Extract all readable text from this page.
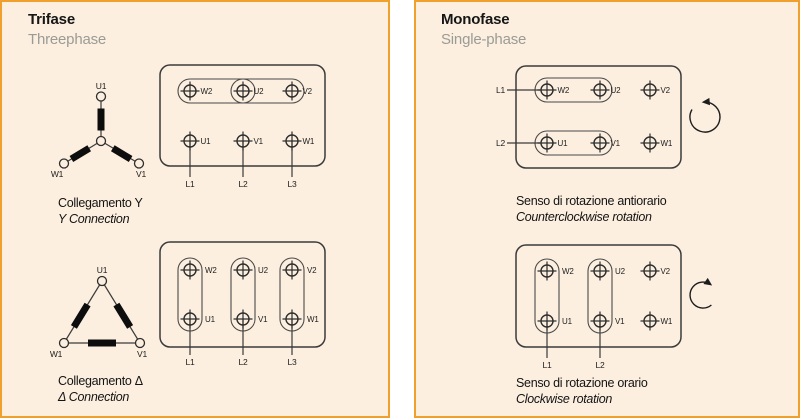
Trifase
Threephase
Monofase
Single-phase
U1
W1	V1
W2	U2	V2
U1	V1	W1
L1	L2	L3
U1
W1	V1
W2	U2	V2
U1	V1	W1
L1	L2	L3
W2	U2	V2
U1	V1	W1
L1
L2
W2	U2	V2
U1	V1	W1
L1	L2
Collegamento Y
Y Connection
Collegamento Δ
Δ Connection
Senso di rotazione antiorario
Counterclockwise rotation
Senso di rotazione orario
Clockwise rotation
